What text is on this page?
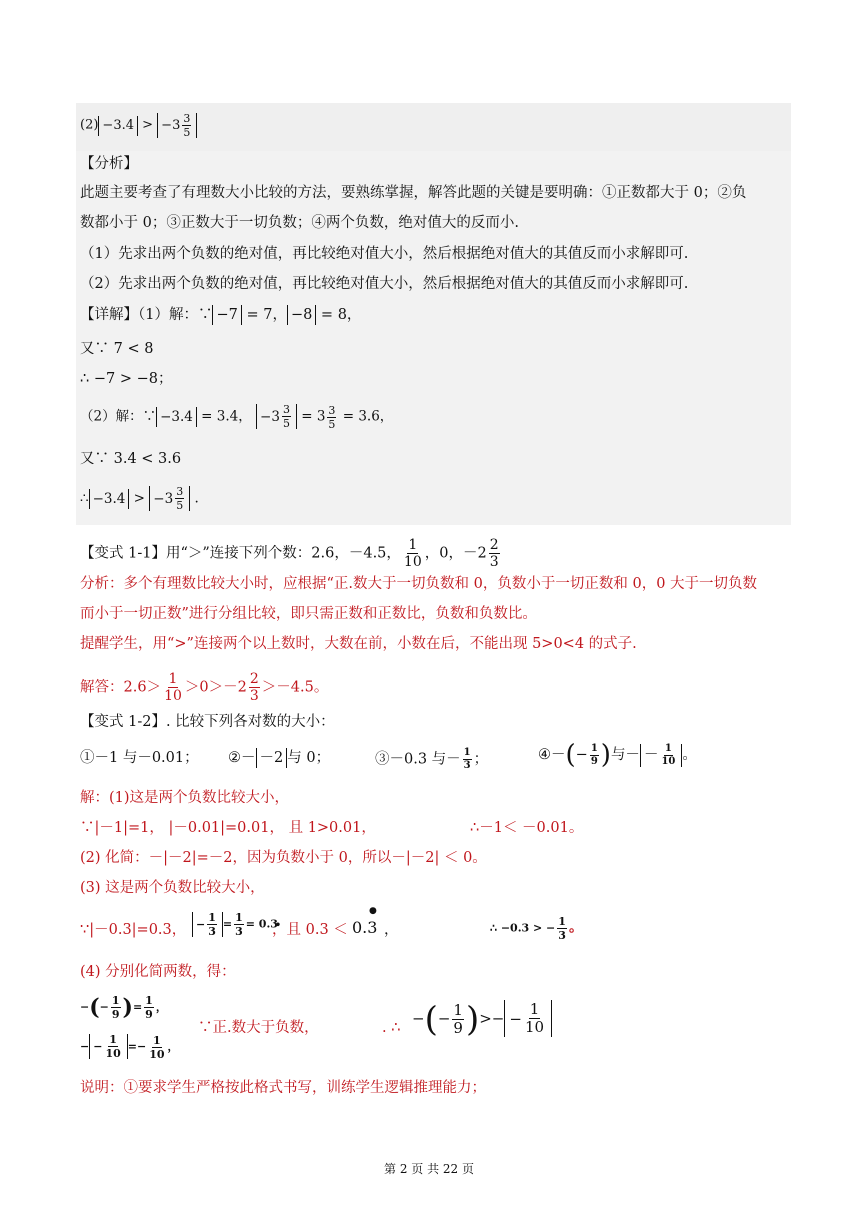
$(2) -3.4 > -3 \frac{3}{5}$
【分析】
此题主要考查了有理数大小比较的方法，要熟练掌握，解答此题的关键是要明确：①正数都大于 0；②负
数都小于 0；③正数大于一切负数；④两个负数，绝对值大的反而小.
（1）先求出两个负数的绝对值，再比较绝对值大小，然后根据绝对值大的其值反而小求解即可.
（2）先求出两个负数的绝对值，再比较绝对值大小，然后根据绝对值大的其值反而小求解即可.
【详解】（1）解：∵ −7 = 7， −8 = 8，
又∵ 7 < 8
∴ −7 > −8；
（2）解：∵ −3.4 = 3.4， $-3 \frac{3}{5} = 3 \frac{3}{5} = 3.6$，
又∵ 3.4 < 3.6
∴ $-3.4 > -3 \frac{3}{5}$ .
【变式 1-1】用“＞”连接下列个数：2.6，－4.5， $\frac{1}{10}$ ，0，$-2 \frac{2}{3}$
分析：多个有理数比较大小时，应根据“正.数大于一切负数和 0，负数小于一切正数和 0，0 大于一切负数
而小于一切正数”进行分组比较，即只需正数和正数比，负数和负数比。
提醒学生，用“>”连接两个以上数时，大数在前，小数在后，不能出现 5>0<4 的式子.
解答：$2.6> \frac{1}{10} >0>-2 \frac{2}{3} >-4.5$。
【变式 1-2】. 比较下列各对数的大小：
①－1 与－0.01； ②－ －2 与 0；	③－0.3 与－ $\frac{1}{3}$ ；	④－(− $\frac{1}{9}$ )与－ － $\frac{1}{10}$ 。
解：(1)这是两个负数比较大小，
∵|－1|=1， |－0.01|=0.01， 且 1>0.01，	∴－1＜ －0.01。
(2) 化简：－|－2|=－2，因为负数小于 0，所以－|－2| ＜ 0。
(3) 这是两个负数比较大小，
∵|－0.3|=0.3， − $\frac{1}{3} = \frac{1}{3} = 0.3$
，且 0.3 ＜ 0.3
●
，	∴ −0.3 > − $\frac{1}{3}$ 。
(4) 分别化简两数，得：
−(− $\frac{1}{9}$ )= $\frac{1}{9}$ ，
− − $\frac{1}{10} =- \frac{1}{10}$ ，
∵正.数大于负数，	. ∴
−(− $\frac{1}{9}$ )>− − $\frac{1}{10}$
说明：①要求学生严格按此格式书写，训练学生逻辑推理能力；
第 2 页 共 22 页
